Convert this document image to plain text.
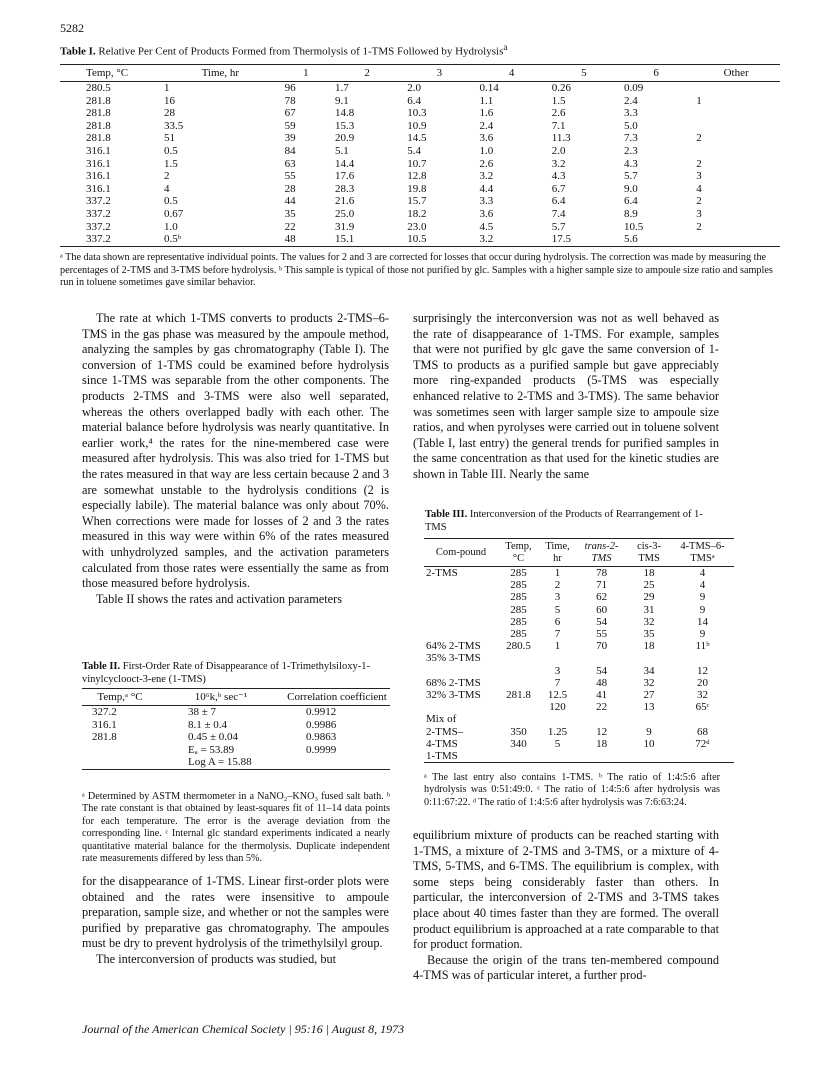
5282
Table I. Relative Per Cent of Products Formed from Thermolysis of 1-TMS Followed by Hydrolysis$^a$
Temp, °C	Time, hr	1	2	3	4	5	6	Other
280.5	1	96	1.7	2.0	0.14	0.26	0.09	
281.8	16	78	9.1	6.4	1.1	1.5	2.4	1
281.8	28	67	14.8	10.3	1.6	2.6	3.3	
281.8	33.5	59	15.3	10.9	2.4	7.1	5.0	
281.8	51	39	20.9	14.5	3.6	11.3	7.3	2
316.1	0.5	84	5.1	5.4	1.0	2.0	2.3	
316.1	1.5	63	14.4	10.7	2.6	3.2	4.3	2
316.1	2	55	17.6	12.8	3.2	4.3	5.7	3
316.1	4	28	28.3	19.8	4.4	6.7	9.0	4
337.2	0.5	44	21.6	15.7	3.3	6.4	6.4	2
337.2	0.67	35	25.0	18.2	3.6	7.4	8.9	3
337.2	1.0	22	31.9	23.0	4.5	5.7	10.5	2
337.2	0.5ᵇ	48	15.1	10.5	3.2	17.5	5.6	
ᵃ The data shown are representative individual points. The values for 2 and 3 are corrected for losses that occur during hydrolysis. The correction was made by measuring the percentages of 2-TMS and 3-TMS before hydrolysis. ᵇ This sample is typical of those not purified by glc. Samples with a higher sample size to ampoule size ratio and samples run in toluene sometimes gave similar behavior.

The rate at which 1-TMS converts to products 2-TMS–6-TMS in the gas phase was measured by the ampoule method, analyzing the samples by gas chromatography (Table I). The conversion of 1-TMS could be examined before hydrolysis since 1-TMS was separable from the other components. The products 2-TMS and 3-TMS were also well separated, whereas the others overlapped badly with each other. The material balance before hydrolysis was nearly quantitative. In earlier work,⁴ the rates for the nine-membered case were measured after hydrolysis. This was also tried for 1-TMS but the rates measured in that way are less certain because 2 and 3 are somewhat unstable to the hydrolysis conditions (2 is especially labile). The material balance was only about 70%. When corrections were made for losses of 2 and 3 the rates measured in this way were within 6% of the rates measured with unhydrolyzed samples, and the activation parameters calculated from those rates were essentially the same as from those measured before hydrolysis.

Table II shows the rates and activation parameters

Table II. First-Order Rate of Disappearance of 1-Trimethylsiloxy-1-vinylcyclooct-3-ene (1-TMS)
Temp,ᵃ °C	10⁶k,ᵇ sec⁻¹	Correlation coefficient
327.2	38 ± 7	0.9912
316.1	8.1 ± 0.4	0.9986
281.8	0.45 ± 0.04	0.9863
	Eₐ = 53.89	0.9999
	Log A = 15.88	
ᵃ Determined by ASTM thermometer in a NaNO₂–KNO₃ fused salt bath. ᵇ The rate constant is that obtained by least-squares fit of 11–14 data points for each temperature. The error is the average deviation from the corresponding line. ᶜ Internal glc standard experiments indicated a nearly quantitative material balance for the thermolysis. Duplicate independent rate measurements differed by less than 5%.

for the disappearance of 1-TMS. Linear first-order plots were obtained and the rates were insensitive to ampoule preparation, sample size, and whether or not the samples were purified by preparative gas chromatography. The ampoules must be dry to prevent hydrolysis of the trimethylsilyl group.

The interconversion of products was studied, but

surprisingly the interconversion was not as well behaved as the rate of disappearance of 1-TMS. For example, samples that were not purified by glc gave the same conversion of 1-TMS to products as a purified sample but gave appreciably more ring-expanded products (5-TMS was especially enhanced relative to 2-TMS and 3-TMS). The same behavior was sometimes seen with larger sample size to ampoule size ratios, and when pyrolyses were carried out in toluene solvent (Table I, last entry) the general trends for purified samples in the same concentration as that used for the kinetic studies are shown in Table III. Nearly the same

Table III. Interconversion of the Products of Rearrangement of 1-TMS
Com-pound	Temp, °C	Time, hr	trans-2-TMS	cis-3-TMS	4-TMS–6-TMSᵃ
2-TMS	285	1	78	18	4
	285	2	71	25	4
	285	3	62	29	9
	285	5	60	31	9
	285	6	54	32	14
	285	7	55	35	9
64% 2-TMS	280.5	1	70	18	11ᵇ
35% 3-TMS					
		3	54	34	12
68% 2-TMS		7	48	32	20
32% 3-TMS	281.8	12.5	41	27	32
		120	22	13	65ᶜ
Mix of					
2-TMS–	350	1.25	12	9	68
4-TMS	340	5	18	10	72ᵈ
1-TMS					
ᵃ The last entry also contains 1-TMS. ᵇ The ratio of 1:4:5:6 after hydrolysis was 0:51:49:0. ᶜ The ratio of 1:4:5:6 after hydrolysis was 0:11:67:22. ᵈ The ratio of 1:4:5:6 after hydrolysis was 7:6:63:24.

equilibrium mixture of products can be reached starting with 1-TMS, a mixture of 2-TMS and 3-TMS, or a mixture of 4-TMS, 5-TMS, and 6-TMS. The equilibrium is complex, with some steps being considerably faster than others. In particular, the interconversion of 2-TMS and 3-TMS takes place about 40 times faster than they are formed. The overall product equilibrium is approached at a rate comparable to that for product formation.

Because the origin of the trans ten-membered compound 4-TMS was of particular interet, a further prod-

Journal of the American Chemical Society | 95:16 | August 8, 1973
